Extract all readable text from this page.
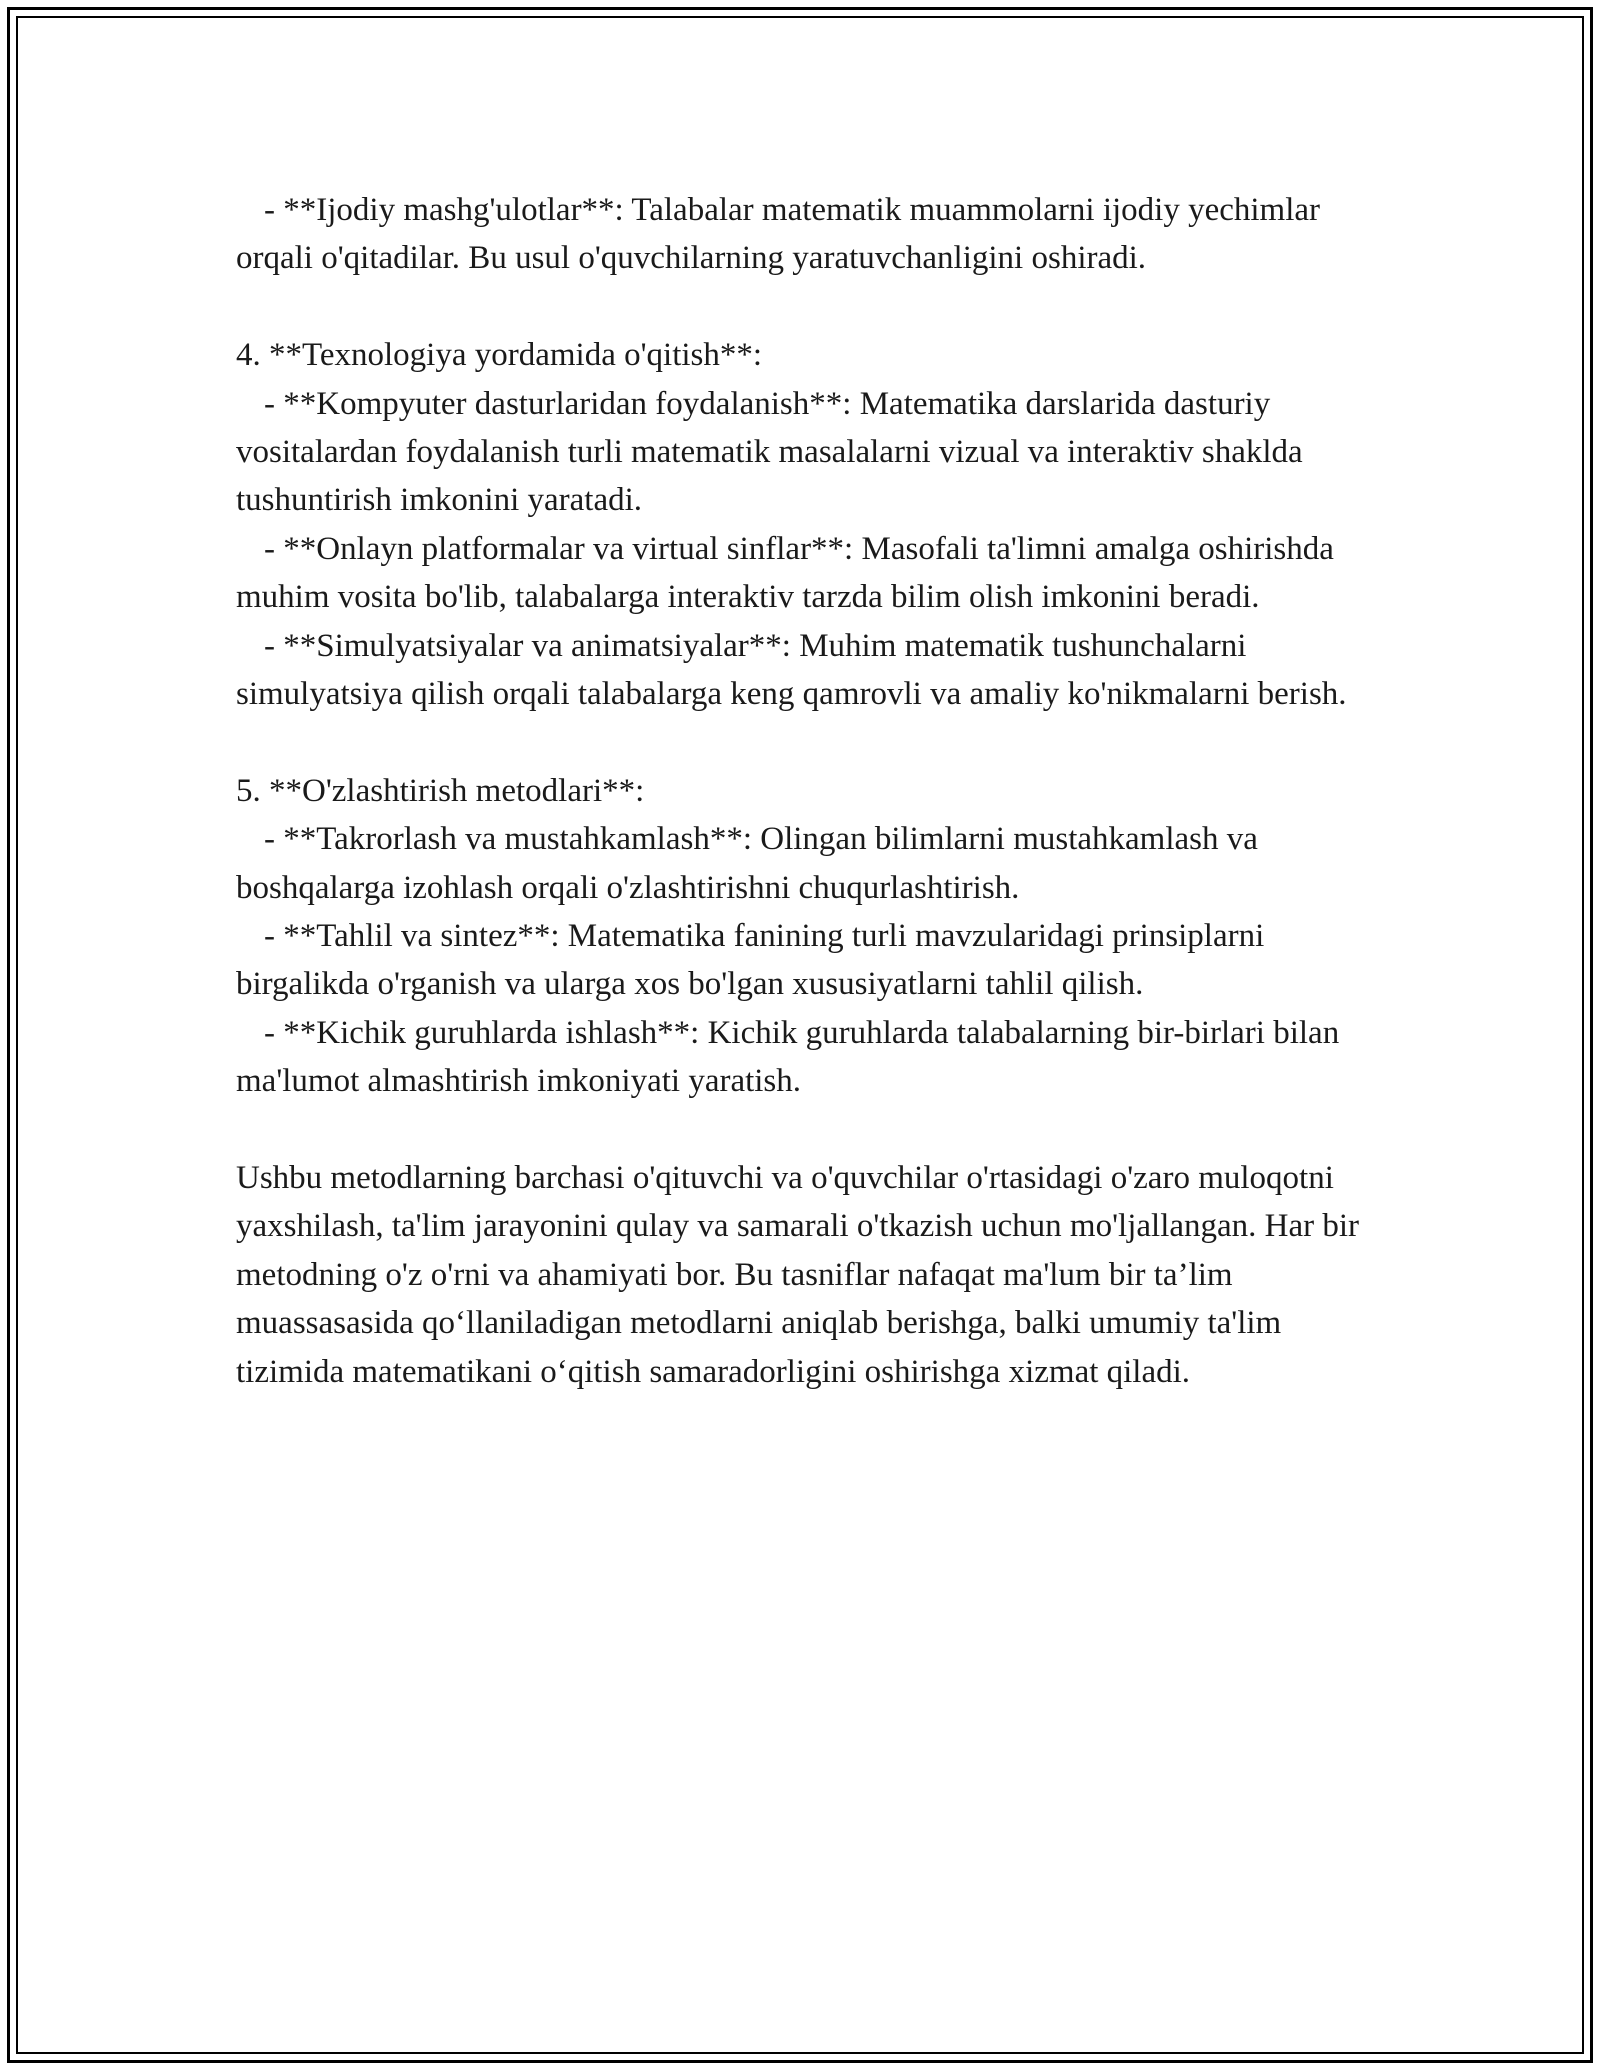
- **Ijodiy mashg'ulotlar**: Talabalar matematik muammolarni ijodiy yechimlar orqali o'qitadilar. Bu usul o'quvchilarning yaratuvchanligini oshiradi.

4. **Texnologiya yordamida o'qitish**:

- **Kompyuter dasturlaridan foydalanish**: Matematika darslarida dasturiy vositalardan foydalanish turli matematik masalalarni vizual va interaktiv shaklda tushuntirish imkonini yaratadi.

- **Onlayn platformalar va virtual sinflar**: Masofali ta'limni amalga oshirishda muhim vosita bo'lib, talabalarga interaktiv tarzda bilim olish imkonini beradi.

- **Simulyatsiyalar va animatsiyalar**: Muhim matematik tushunchalarni simulyatsiya qilish orqali talabalarga keng qamrovli va amaliy ko'nikmalarni berish.

5. **O'zlashtirish metodlari**:

- **Takrorlash va mustahkamlash**: Olingan bilimlarni mustahkamlash va boshqalarga izohlash orqali o'zlashtirishni chuqurlashtirish.

- **Tahlil va sintez**: Matematika fanining turli mavzularidagi prinsiplarni birgalikda o'rganish va ularga xos bo'lgan xususiyatlarni tahlil qilish.

- **Kichik guruhlarda ishlash**: Kichik guruhlarda talabalarning bir-birlari bilan ma'lumot almashtirish imkoniyati yaratish.

Ushbu metodlarning barchasi o'qituvchi va o'quvchilar o'rtasidagi o'zaro muloqotni yaxshilash, ta'lim jarayonini qulay va samarali o'tkazish uchun mo'ljallangan. Har bir metodning o'z o'rni va ahamiyati bor. Bu tasniflar nafaqat ma'lum bir ta’lim muassasasida qo‘llaniladigan metodlarni aniqlab berishga, balki umumiy ta'lim tizimida matematikani o‘qitish samaradorligini oshirishga xizmat qiladi.
